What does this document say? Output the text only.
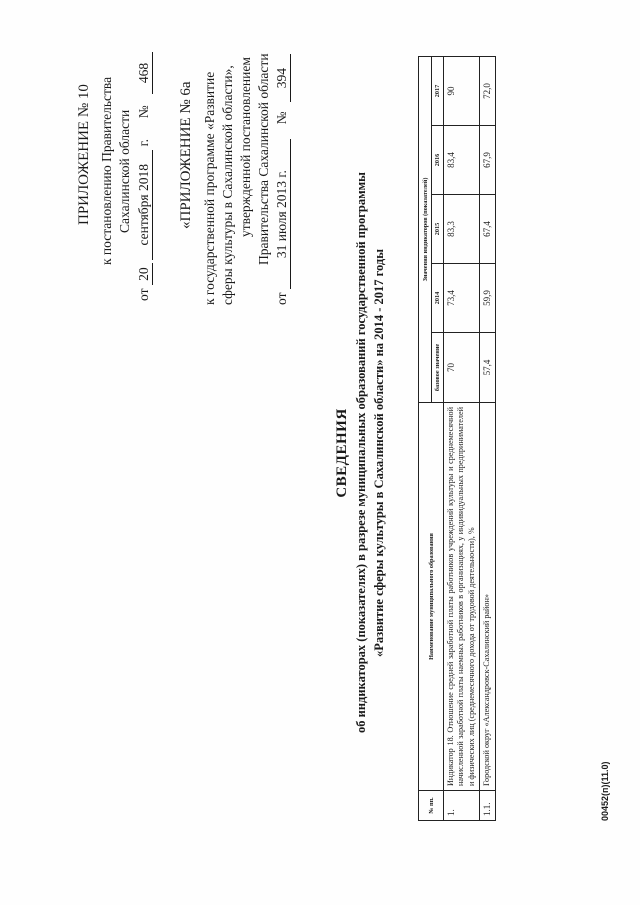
ПРИЛОЖЕНИЕ № 10 к постановлению Правительства Сахалинской области
от 20 сентября 2018 г.  № 468
«ПРИЛОЖЕНИЕ № 6а к государственной программе «Развитие сферы культуры в Сахалинской области», утвержденной постановлением Правительства Сахалинской области
от 31 июля 2013 г.  № 394
СВЕДЕНИЯ об индикаторах (показателях) в разрезе муниципальных образований государственной программы «Развитие сферы культуры в Сахалинской области» на 2014 - 2017 годы
№ пп.	Наименование муниципального образования	Значения индикаторов (показателей)				
		базовое значение	2014	2015	2016	2017
1.	Индикатор 18. Отношение средней заработной платы работников учреждений культуры и среднемесячной начисленной заработной платы наемных работников в организациях, у индивидуальных предпринимателей и физических лиц (среднемесячного дохода от трудовой деятельности), %	70	73,4	83,3	83,4	90
1.1.	Городской округ «Александровск-Сахалинский район»	57,4	59,9	67,4	67,9	72,0
00452(п)(11.0)
